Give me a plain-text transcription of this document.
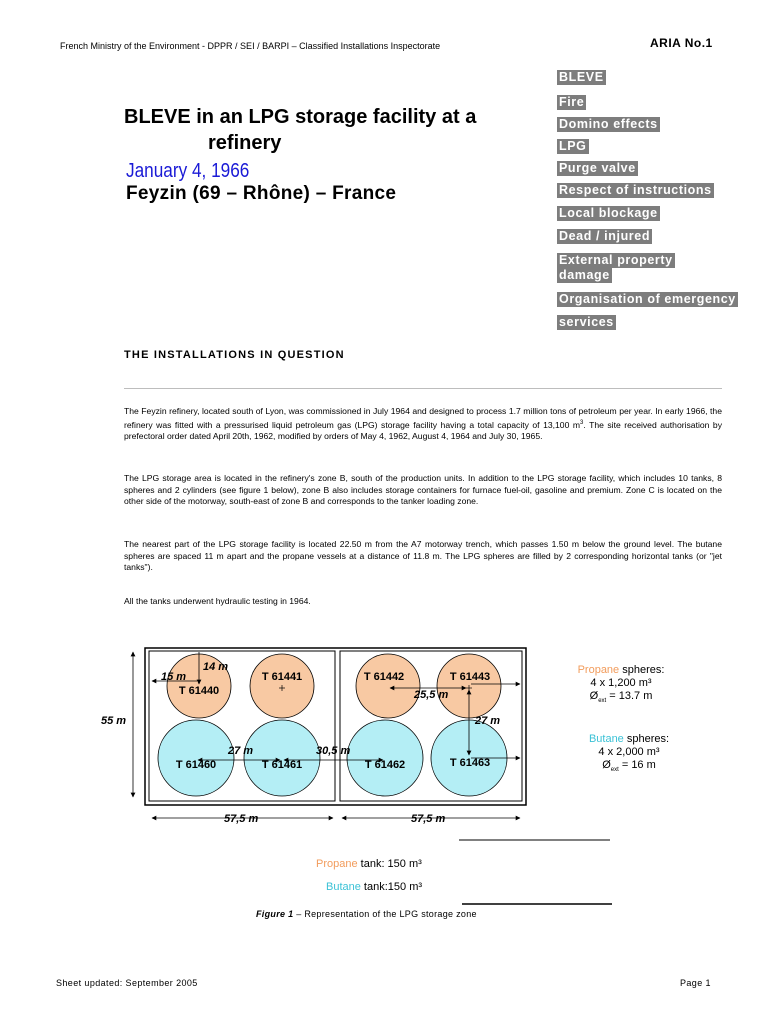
French Ministry of the Environment - DPPR / SEI / BARPI – Classified Installations Inspectorate	ARIA No.1
BLEVE in an LPG storage facility at a
refinery
January 4, 1966
Feyzin (69 – Rhône) – France
BLEVE
Fire
Domino effects
LPG
Purge valve
Respect of instructions
Local blockage
Dead / injured
External property
damage
Organisation of emergency
services
THE INSTALLATIONS IN QUESTION
The Feyzin refinery, located south of Lyon, was commissioned in July 1964 and designed to process 1.7 million tons of petroleum per year. In early 1966, the refinery was fitted with a pressurised liquid petroleum gas (LPG) storage facility having a total capacity of 13,100 $m^3$. The site received authorisation by prefectoral order dated April 20th, 1962, modified by orders of May 4, 1962, August 4, 1964 and July 30, 1965.
The LPG storage area is located in the refinery's zone B, south of the production units. In addition to the LPG storage facility, which includes 10 tanks, 8 spheres and 2 cylinders (see figure 1 below), zone B also includes storage containers for furnace fuel-oil, gasoline and premium. Zone C is located on the other side of the motorway, south-east of zone B and corresponds to the tanker loading zone.
The nearest part of the LPG storage facility is located 22.50 m from the A7 motorway trench, which passes 1.50 m below the ground level. The butane spheres are spaced 11 m apart and the propane vessels at a distance of 11.8 m. The LPG spheres are filled by 2 corresponding horizontal tanks (or "jet tanks").
All the tanks underwent hydraulic testing in 1964.
T 61440
T 61441	T 61442	T 61443
T 61460	T 61461	T 61462	T 61463
55 m
57,5 m	57,5 m
14 m
15 m
25,5 m
27 m
27 m	30,5 m
Propane spheres:
4 x 1,200 m³
$Ø_{ext} = 13.7$ m
Butane spheres:
4 x 2,000 m³
$Ø_{ext} = 16$ m
Propane tank: 150 m³
Butane tank:150 m³
Figure 1 – Representation of the LPG storage zone
Sheet updated: September 2005	Page 1
